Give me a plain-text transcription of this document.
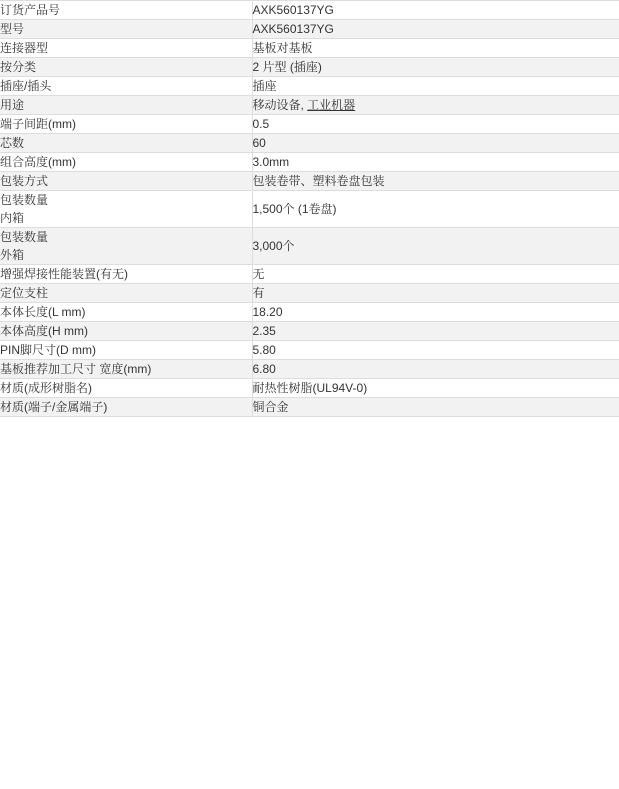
订货产品号	AXK560137YG
型号	AXK560137YG
连接器型	基板对基板
按分类	2 片型 (插座)
插座/插头	插座
用途	移动设备, 工业机器
端子间距(mm)	0.5
芯数	60
组合高度(mm)	3.0mm
包装方式	包装卷带、塑料卷盘包装
包装数量
内箱	1,500个 (1卷盘)
包装数量
外箱	3,000个
增强焊接性能装置(有无)	无
定位支柱	有
本体长度(L mm)	18.20
本体高度(H mm)	2.35
PIN脚尺寸(D mm)	5.80
基板推荐加工尺寸 宽度(mm)	6.80
材质(成形树脂名)	耐热性树脂(UL94V-0)
材质(端子/金属端子)	铜合金
